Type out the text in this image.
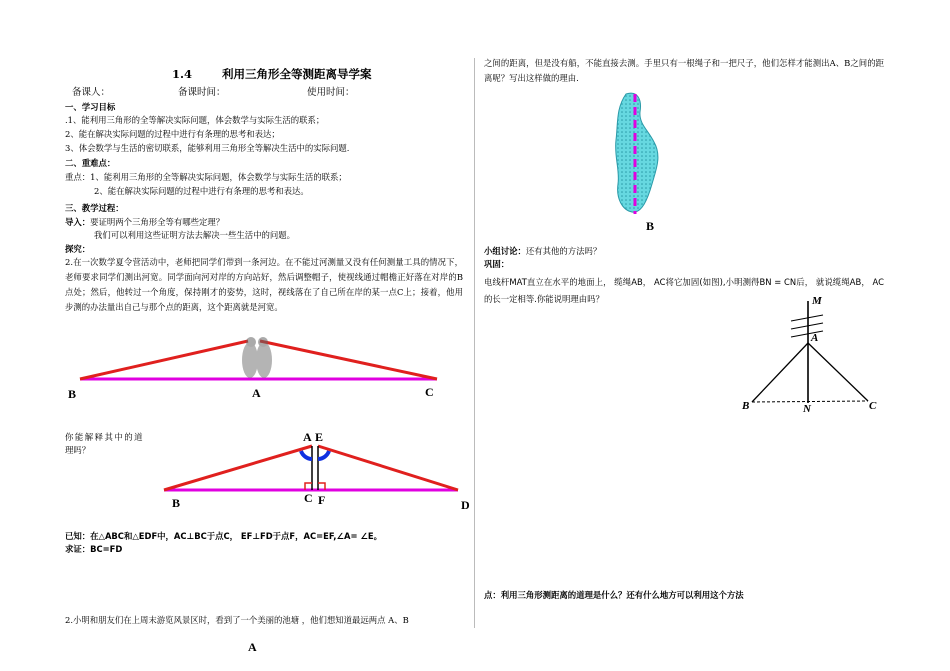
1.4	利用三角形全等测距离导学案
备课人：	备课时间：	使用时间：
一、学习目标
.1、能利用三角形的全等解决实际问题，体会数学与实际生活的联系；
2、能在解决实际问题的过程中进行有条理的思考和表达；
3、体会数学与生活的密切联系，能够利用三角形全等解决生活中的实际问题.
二、重难点：
重点：1、能利用三角形的全等解决实际问题，体会数学与实际生活的联系；
2、能在解决实际问题的过程中进行有条理的思考和表达。
三、教学过程：
导入：要证明两个三角形全等有哪些定理？
我们可以利用这些证明方法去解决一些生活中的问题。
探究：
2.在一次数学夏令营活动中，老师把同学们带到一条河边。在不能过河测量又没有任何测量工具的情况下，老师要求同学们测出河宽。同学面向河对岸的方向站好，然后调整帽子，使视线通过帽檐正好落在对岸的B点处；然后，他转过一个角度，保持刚才的姿势，这时，视线落在了自己所在岸的某一点C上；接着，他用步测的办法量出自己与那个点的距离，这个距离就是河宽。
B	A	C
你能解释其中的道
理吗？
A E
B	C F	D
已知：在△ABC和△EDF中，AC⊥BC于点C， EF⊥FD于点F，AC=EF,∠A= ∠E。
求证：BC=FD
2.小明和朋友们在上周末游览风景区时，看到了一个美丽的池塘 ，他们想知道最远两点 A、B
A
之间的距离，但是没有船，不能直接去测。手里只有一根绳子和一把尺子，他们怎样才能测出A、B之间的距离呢？写出这样做的理由.
B
小组讨论：还有其他的方法吗？
巩固：
电线杆MAT直立在水平的地面上， 缆绳AB， AC将它加固(如图),小明测得BN = CN后， 就说缆绳AB， AC的长一定相等.你能说明理由吗？	M
A
B	N	C
点：利用三角形测距离的道理是什么？还有什么地方可以利用这个方法
